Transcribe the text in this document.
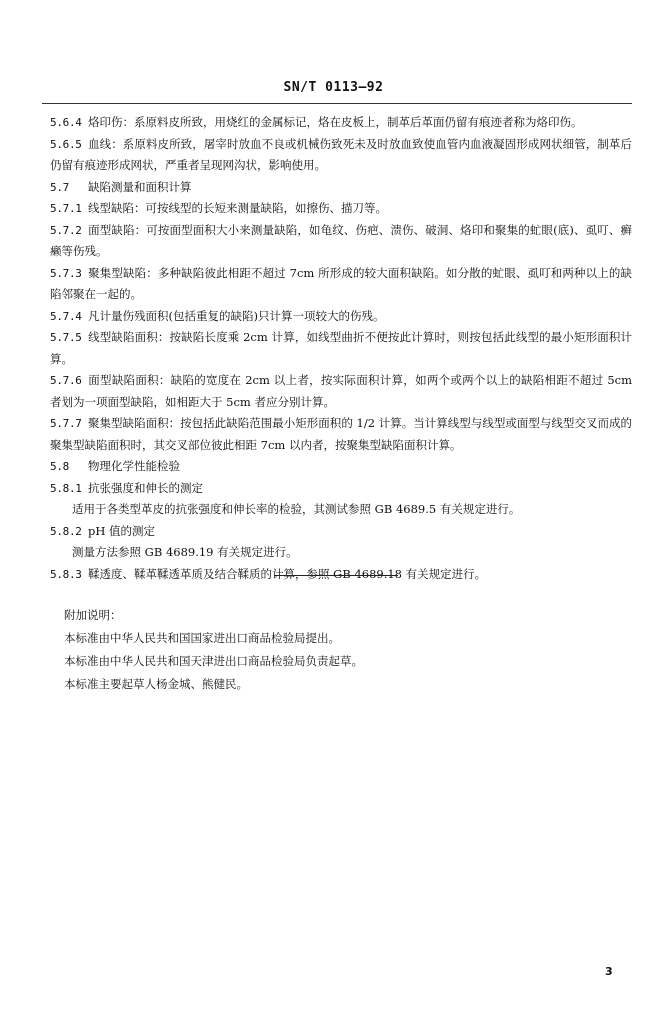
SN/T 0113—92

5.6.4 烙印伤：系原料皮所致，用烧红的金属标记，烙在皮板上，制革后革面仍留有痕迹者称为烙印伤。

5.6.5 血线：系原料皮所致，屠宰时放血不良或机械伤致死未及时放血致使血管内血液凝固形成网状细管，制革后仍留有痕迹形成网状，严重者呈现网沟状，影响使用。

5.7 缺陷测量和面积计算

5.7.1 线型缺陷：可按线型的长短来测量缺陷，如擦伤、描刀等。

5.7.2 面型缺陷：可按面型面积大小来测量缺陷，如龟纹、伤疤、溃伤、破洞、烙印和聚集的虻眼(底)、虱叮、癣癞等伤残。

5.7.3 聚集型缺陷：多种缺陷彼此相距不超过 7cm 所形成的较大面积缺陷。如分散的虻眼、虱叮和两种以上的缺陷邻聚在一起的。

5.7.4 凡计量伤残面积(包括重复的缺陷)只计算一项较大的伤残。

5.7.5 线型缺陷面积：按缺陷长度乘 2cm 计算，如线型曲折不便按此计算时，则按包括此线型的最小矩形面积计算。

5.7.6 面型缺陷面积：缺陷的宽度在 2cm 以上者，按实际面积计算，如两个或两个以上的缺陷相距不超过 5cm 者划为一项面型缺陷，如相距大于 5cm 者应分别计算。

5.7.7 聚集型缺陷面积：按包括此缺陷范围最小矩形面积的 1/2 计算。当计算线型与线型或面型与线型交叉而成的聚集型缺陷面积时，其交叉部位彼此相距 7cm 以内者，按聚集型缺陷面积计算。

5.8 物理化学性能检验

5.8.1 抗张强度和伸长的测定

适用于各类型革皮的抗张强度和伸长率的检验，其测试参照 GB 4689.5 有关规定进行。

5.8.2 pH 值的测定

测量方法参照 GB 4689.19 有关规定进行。

5.8.3 鞣透度、鞣革鞣透革质及结合鞣质的计算，参照 GB 4689.18 有关规定进行。

附加说明：

本标准由中华人民共和国国家进出口商品检验局提出。

本标准由中华人民共和国天津进出口商品检验局负责起草。

本标准主要起草人杨金城、熊健民。

3
